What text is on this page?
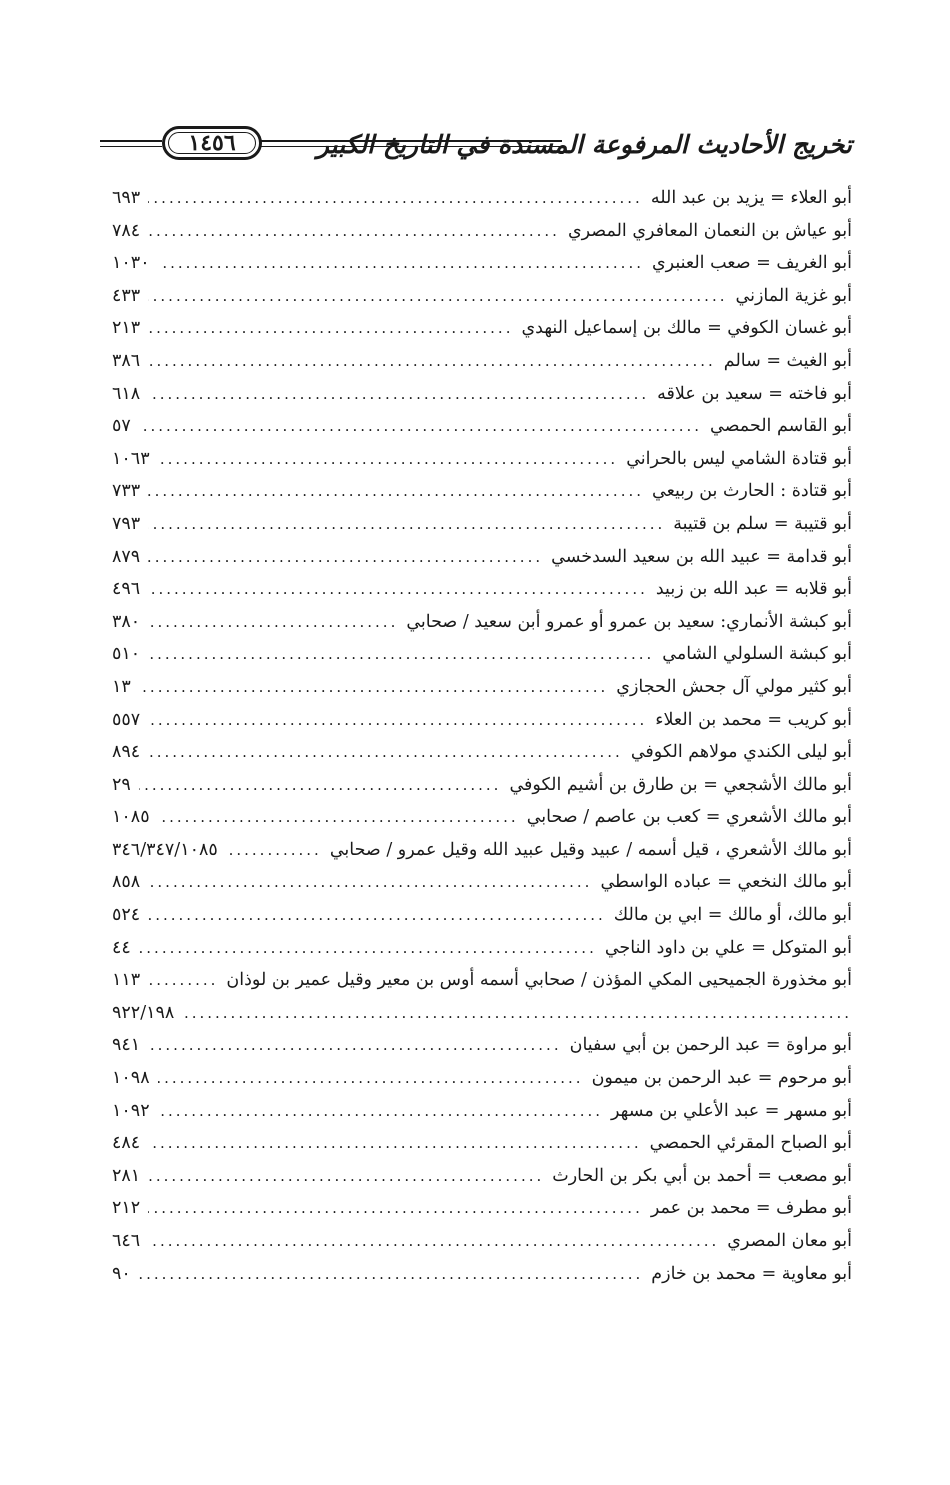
تخريج الأحاديث المرفوعة المسندة في التاريخ الكبير
١٤٥٦
أبو العلاء = يزيد بن عبد الله
.....
٦٩٣
أبو عياش بن النعمان المعافري المصري
.....
٧٨٤
أبو الغريف = صعب العنبري
.....
١٠٣٠
أبو غزية المازني
.....
٤٣٣
أبو غسان الكوفي = مالك بن إسماعيل النهدي
.....
٢١٣
أبو الغيث = سالم
.....
٣٨٦
أبو فاخته = سعيد بن علاقه
.....
٦١٨
أبو القاسم الحمصي
.....
٥٧
أبو قتادة الشامي ليس بالحراني
.....
١٠٦٣
أبو قتادة : الحارث بن ربيعي
.....
٧٣٣
أبو قتيبة = سلم بن قتيبة
.....
٧٩٣
أبو قدامة = عبيد الله بن سعيد السدخسي
.....
٨٧٩
أبو قلابه = عبد الله بن زبيد
.....
٤٩٦
أبو كبشة الأنماري: سعيد بن عمرو أو عمرو أبن سعيد / صحابي
.....
٣٨٠
أبو كبشة السلولي الشامي
.....
٥١٠
أبو كثير مولي آل جحش الحجازي
.....
١٣
أبو كريب = محمد بن العلاء
.....
٥٥٧
أبو ليلى الكندي مولاهم الكوفي
.....
٨٩٤
أبو مالك الأشجعي = بن طارق بن أشيم الكوفي
.....
٢٩
أبو مالك الأشعري = كعب بن عاصم / صحابي
.....
١٠٨٥
أبو مالك الأشعري ، قيل أسمه / عبيد وقيل عبيد الله وقيل عمرو / صحابي
.....
٣٤٦/٣٤٧/١٠٨٥
أبو مالك النخعي = عباده الواسطي
.....
٨٥٨
أبو مالك، أو مالك = ابي بن مالك
.....
٥٢٤
أبو المتوكل = علي بن داود الناجي
.....
٤٤
أبو مخذورة الجميحيى المكي المؤذن / صحابي أسمه أوس بن معير وقيل عمير بن لوذان
.....
١١٣
.....
٩٢٢/١٩٨
أبو مراوة = عبد الرحمن بن أبي سفيان
.....
٩٤١
أبو مرحوم = عبد الرحمن بن ميمون
.....
١٠٩٨
أبو مسهر = عبد الأعلي بن مسهر
.....
١٠٩٢
أبو الصباح المقرئي الحمصي
.....
٤٨٤
أبو مصعب = أحمد بن أبي بكر بن الحارث
.....
٢٨١
أبو مطرف = محمد بن عمر
.....
٢١٢
أبو معان المصري
.....
٦٤٦
أبو معاوية = محمد بن خازم
.....
٩٠
